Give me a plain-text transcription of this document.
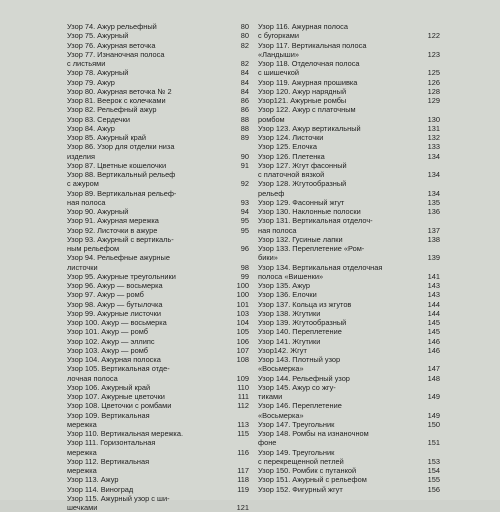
Узор 74. Ажур рельефный	80
Узор 75. Ажурный	80
Узор 76. Ажурная веточка	82
Узор 77. Изнаночная полоса
с листьями	82
Узор 78. Ажурный	84
Узор 79. Ажур	84
Узор 80. Ажурная веточка № 2	84
Узор 81. Веерок с колечками	86
Узор 82. Рельефный ажур	86
Узор 83. Сердечки	88
Узор 84. Ажур	88
Узор 85. Ажурный край	89
Узор 86. Узор для отделки низа
изделия	90
Узор 87. Цветные кошелочки	91
Узор 88. Вертикальный рельеф
с ажуром	92
Узор 89. Вертикальная рельеф-
ная полоса	93
Узор 90. Ажурный	94
Узор 91. Ажурная мережка	95
Узор 92. Листочки в ажуре	95
Узор 93. Ажурный с вертикаль-
ным рельефом	96
Узор 94. Рельефные ажурные
листочки	98
Узор 95. Ажурные треугольники	99
Узор 96. Ажур — восьмерка	100
Узор 97. Ажур — ромб	100
Узор 98. Ажур — бутылочка	101
Узор 99. Ажурные листочки	103
Узор 100. Ажур — восьмерка	104
Узор 101. Ажур — ромб	105
Узор 102. Ажур — эллипс	106
Узор 103. Ажур — ромб	107
Узор 104. Ажурная полоска	108
Узор 105. Вертикальная отде-
лочная полоса	109
Узор 106. Ажурный край	110
Узор 107. Ажурные цветочки	111
Узор 108. Цветочки с ромбами	112
Узор 109. Вертикальная
мережка	113
Узор 110. Вертикальная мережка.	115
Узор 111. Горизонтальная
мережка	116
Узор 112. Вертикальная
мережка	117
Узор 113. Ажур	118
Узор 114. Виноград	119
Узор 115. Ажурный узор с ши-
шечками	121
Узор 116. Ажурная полоса
с бугорками	122
Узор 117. Вертикальная полоса
«Ландыши»	123
Узор 118. Отделочная полоса
с шишечкой	125
Узор 119. Ажурная прошивка	126
Узор 120. Ажур нарядный	128
Узор121. Ажурные ромбы	129
Узор 122. Ажур с платочным
ромбом	130
Узор 123. Ажур вертикальный	131
Узор 124. Листочки	132
Узор 125. Елочка	133
Узор 126. Плетенка	134
Узор 127. Жгут фасонный
с платочной вязкой	134
Узор 128. Жгутообразный
рельеф	134
Узор 129. Фасонный жгут	135
Узор 130. Наклонные полоски	136
Узор 131. Вертикальная отделоч-
ная полоса	137
Узор 132. Гусиные лапки	138
Узор 133. Переплетение «Ром-
бики»	139
Узор 134. Вертикальная отделочная
полоса «Вишенки»	141
Узор 135. Ажур	143
Узор 136. Елочки	143
Узор 137. Кольца из жгутов	144
Узор 138. Жгутики	144
Узор 139. Жгутообразный	145
Узор 140. Переплетение	145
Узор 141. Жгутики	146
Узор142. Жгут	146
Узор 143. Плотный узор
«Восьмерка»	147
Узор 144. Рельефный узор	148
Узор 145. Ажур со жгу-
тиками	149
Узор 146. Переплетение
«Восьмерка»	149
Узор 147. Треугольник	150
Узор 148. Ромбы на изнаночном
фоне	151
Узор 149. Треугольник
с перекрещенной петлей	153
Узор 150. Ромбик с путанкой	154
Узор 151. Ажурный с рельефом	155
Узор 152. Фигурный жгут	156
